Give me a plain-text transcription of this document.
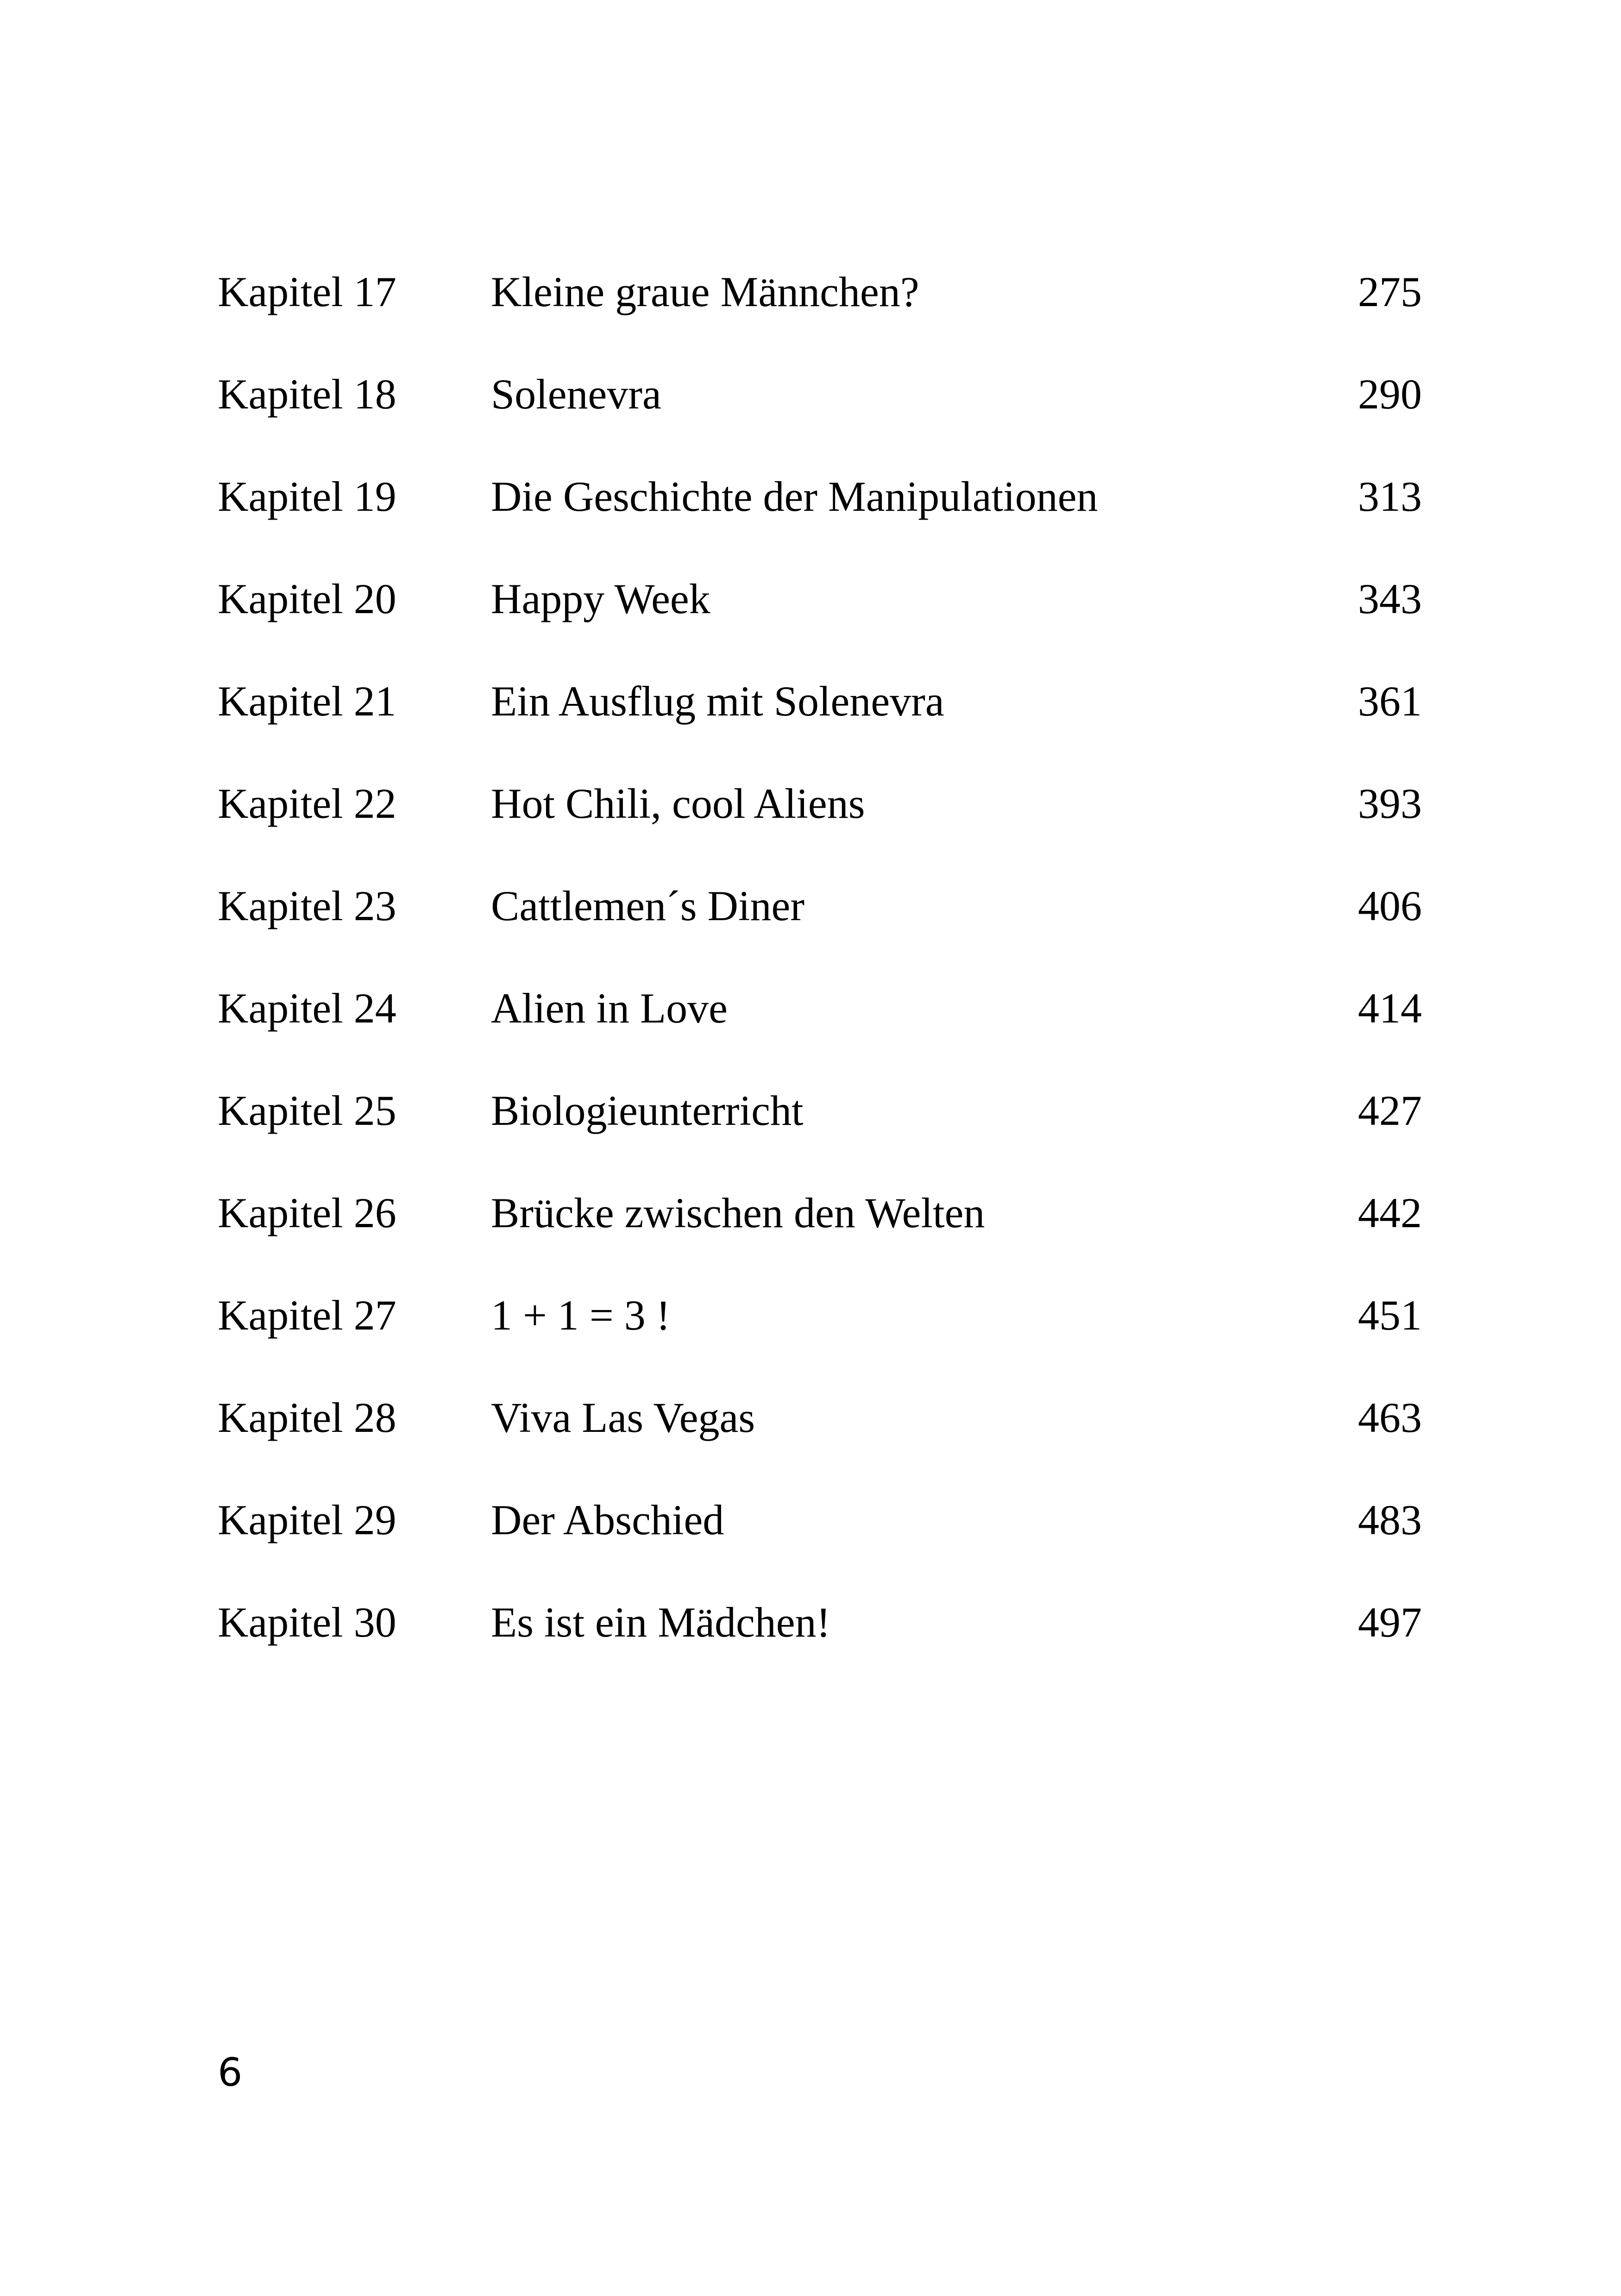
Kapitel 17 Kleine graue Männchen?	275
Kapitel 18 Solenevra	290
Kapitel 19 Die Geschichte der Manipulationen	313
Kapitel 20 Happy Week	343
Kapitel 21 Ein Ausflug mit Solenevra	361
Kapitel 22 Hot Chili, cool Aliens	393
Kapitel 23 Cattlemen´s Diner	406
Kapitel 24 Alien in Love	414
Kapitel 25 Biologieunterricht	427
Kapitel 26 Brücke zwischen den Welten	442
Kapitel 27 1 + 1 = 3 !	451
Kapitel 28 Viva Las Vegas	463
Kapitel 29 Der Abschied	483
Kapitel 30 Es ist ein Mädchen!	497
6
